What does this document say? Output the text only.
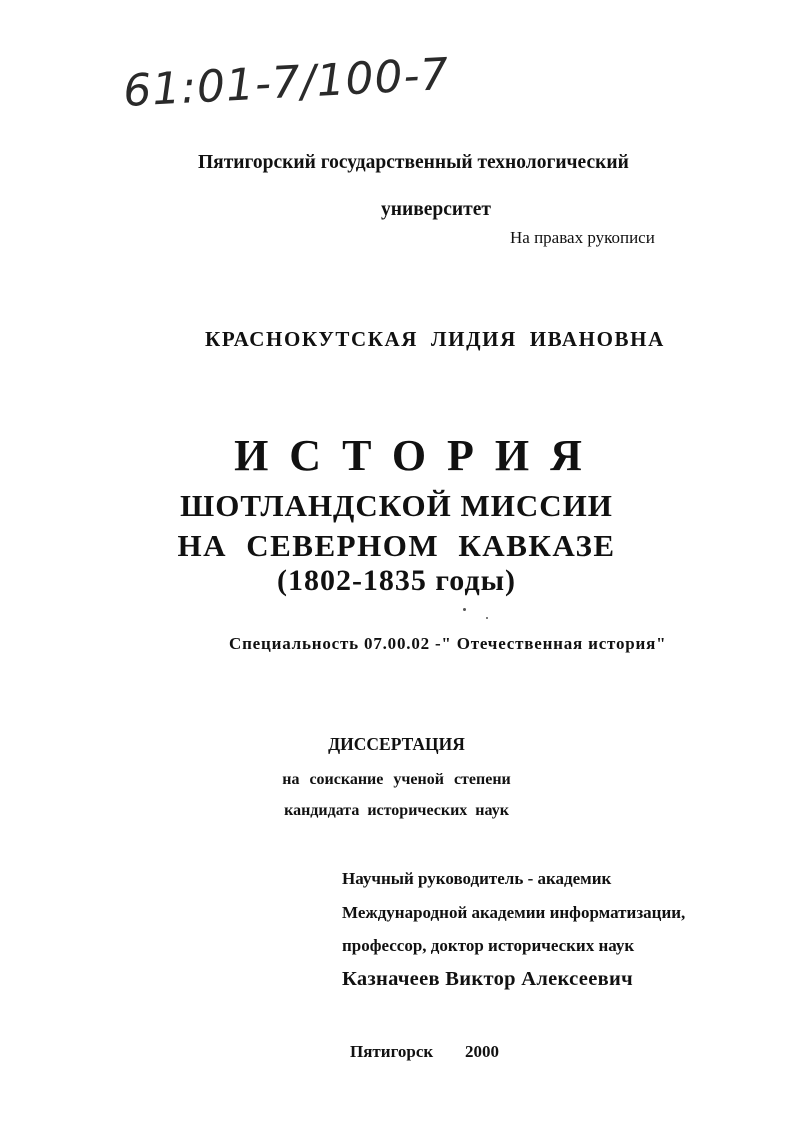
61:01-7/100-7
Пятигорский государственный технологический
университет
На правах рукописи
КРАСНОКУТСКАЯ ЛИДИЯ ИВАНОВНА
ИСТОРИЯ
ШОТЛАНДСКОЙ МИССИИ
НА СЕВЕРНОМ КАВКАЗЕ
(1802-1835 годы)
Специальность 07.00.02 -" Отечественная история"
ДИССЕРТАЦИЯ
на соискание ученой степени
кандидата исторических наук
Научный руководитель - академик
Международной академии информатизации,
профессор, доктор исторических наук
Казначеев Виктор Алексеевич
Пятигорск 2000
